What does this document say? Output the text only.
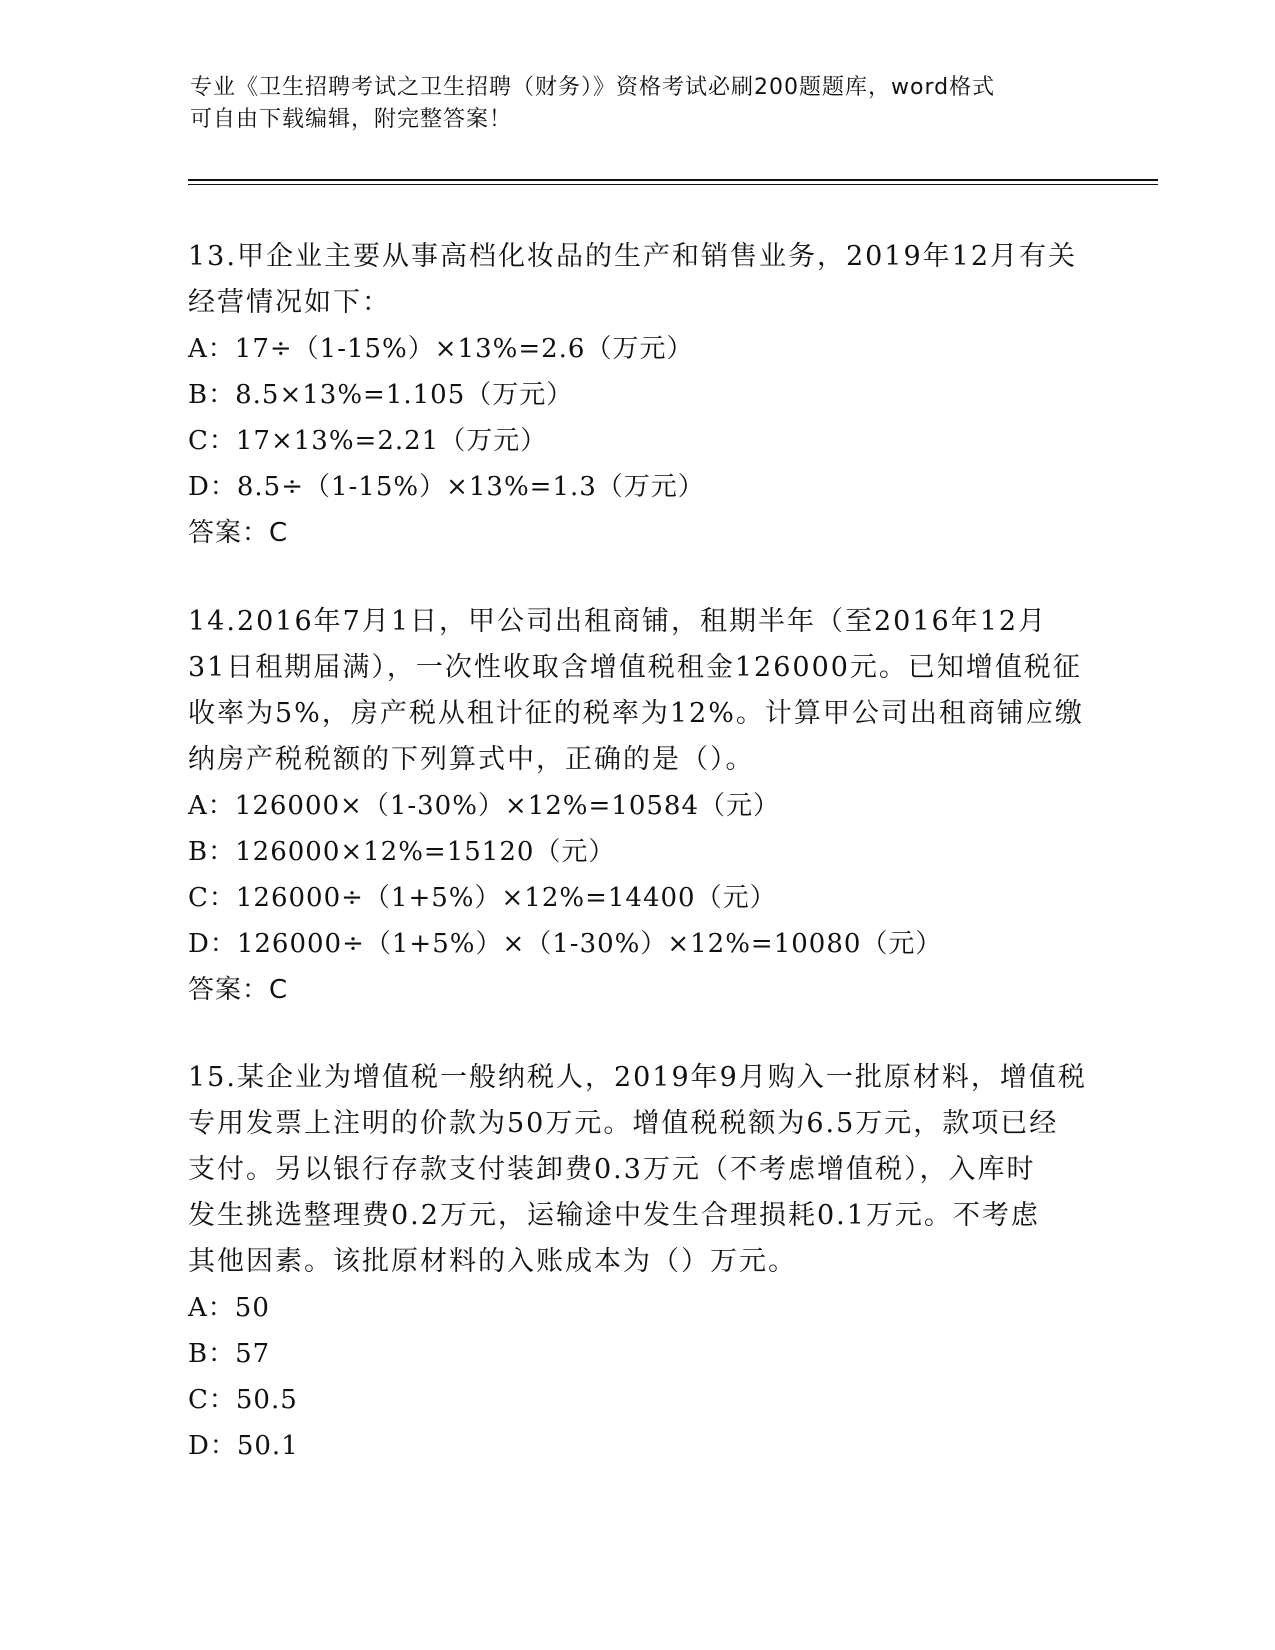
专业《卫生招聘考试之卫生招聘（财务）》资格考试必刷200题题库，word格式
可自由下载编辑，附完整答案！

13.甲企业主要从事高档化妆品的生产和销售业务，2019年12月有关

经营情况如下：

A：17÷（1-15%）×13%=2.6（万元）

B：8.5×13%=1.105（万元）

C：17×13%=2.21（万元）

D：8.5÷（1-15%）×13%=1.3（万元）

答案：C

14.2016年7月1日，甲公司出租商铺，租期半年（至2016年12月

31日租期届满），一次性收取含增值税租金126000元。已知增值税征

收率为5%，房产税从租计征的税率为12%。计算甲公司出租商铺应缴

纳房产税税额的下列算式中，正确的是（）。

A：126000×（1-30%）×12%=10584（元）

B：126000×12%=15120（元）

C：126000÷（1+5%）×12%=14400（元）

D：126000÷（1+5%）×（1-30%）×12%=10080（元）

答案：C

15.某企业为增值税一般纳税人，2019年9月购入一批原材料，增值税

专用发票上注明的价款为50万元。增值税税额为6.5万元，款项已经

支付。另以银行存款支付装卸费0.3万元（不考虑增值税），入库时

发生挑选整理费0.2万元，运输途中发生合理损耗0.1万元。不考虑

其他因素。该批原材料的入账成本为（）万元。

A：50

B：57

C：50.5

D：50.1
